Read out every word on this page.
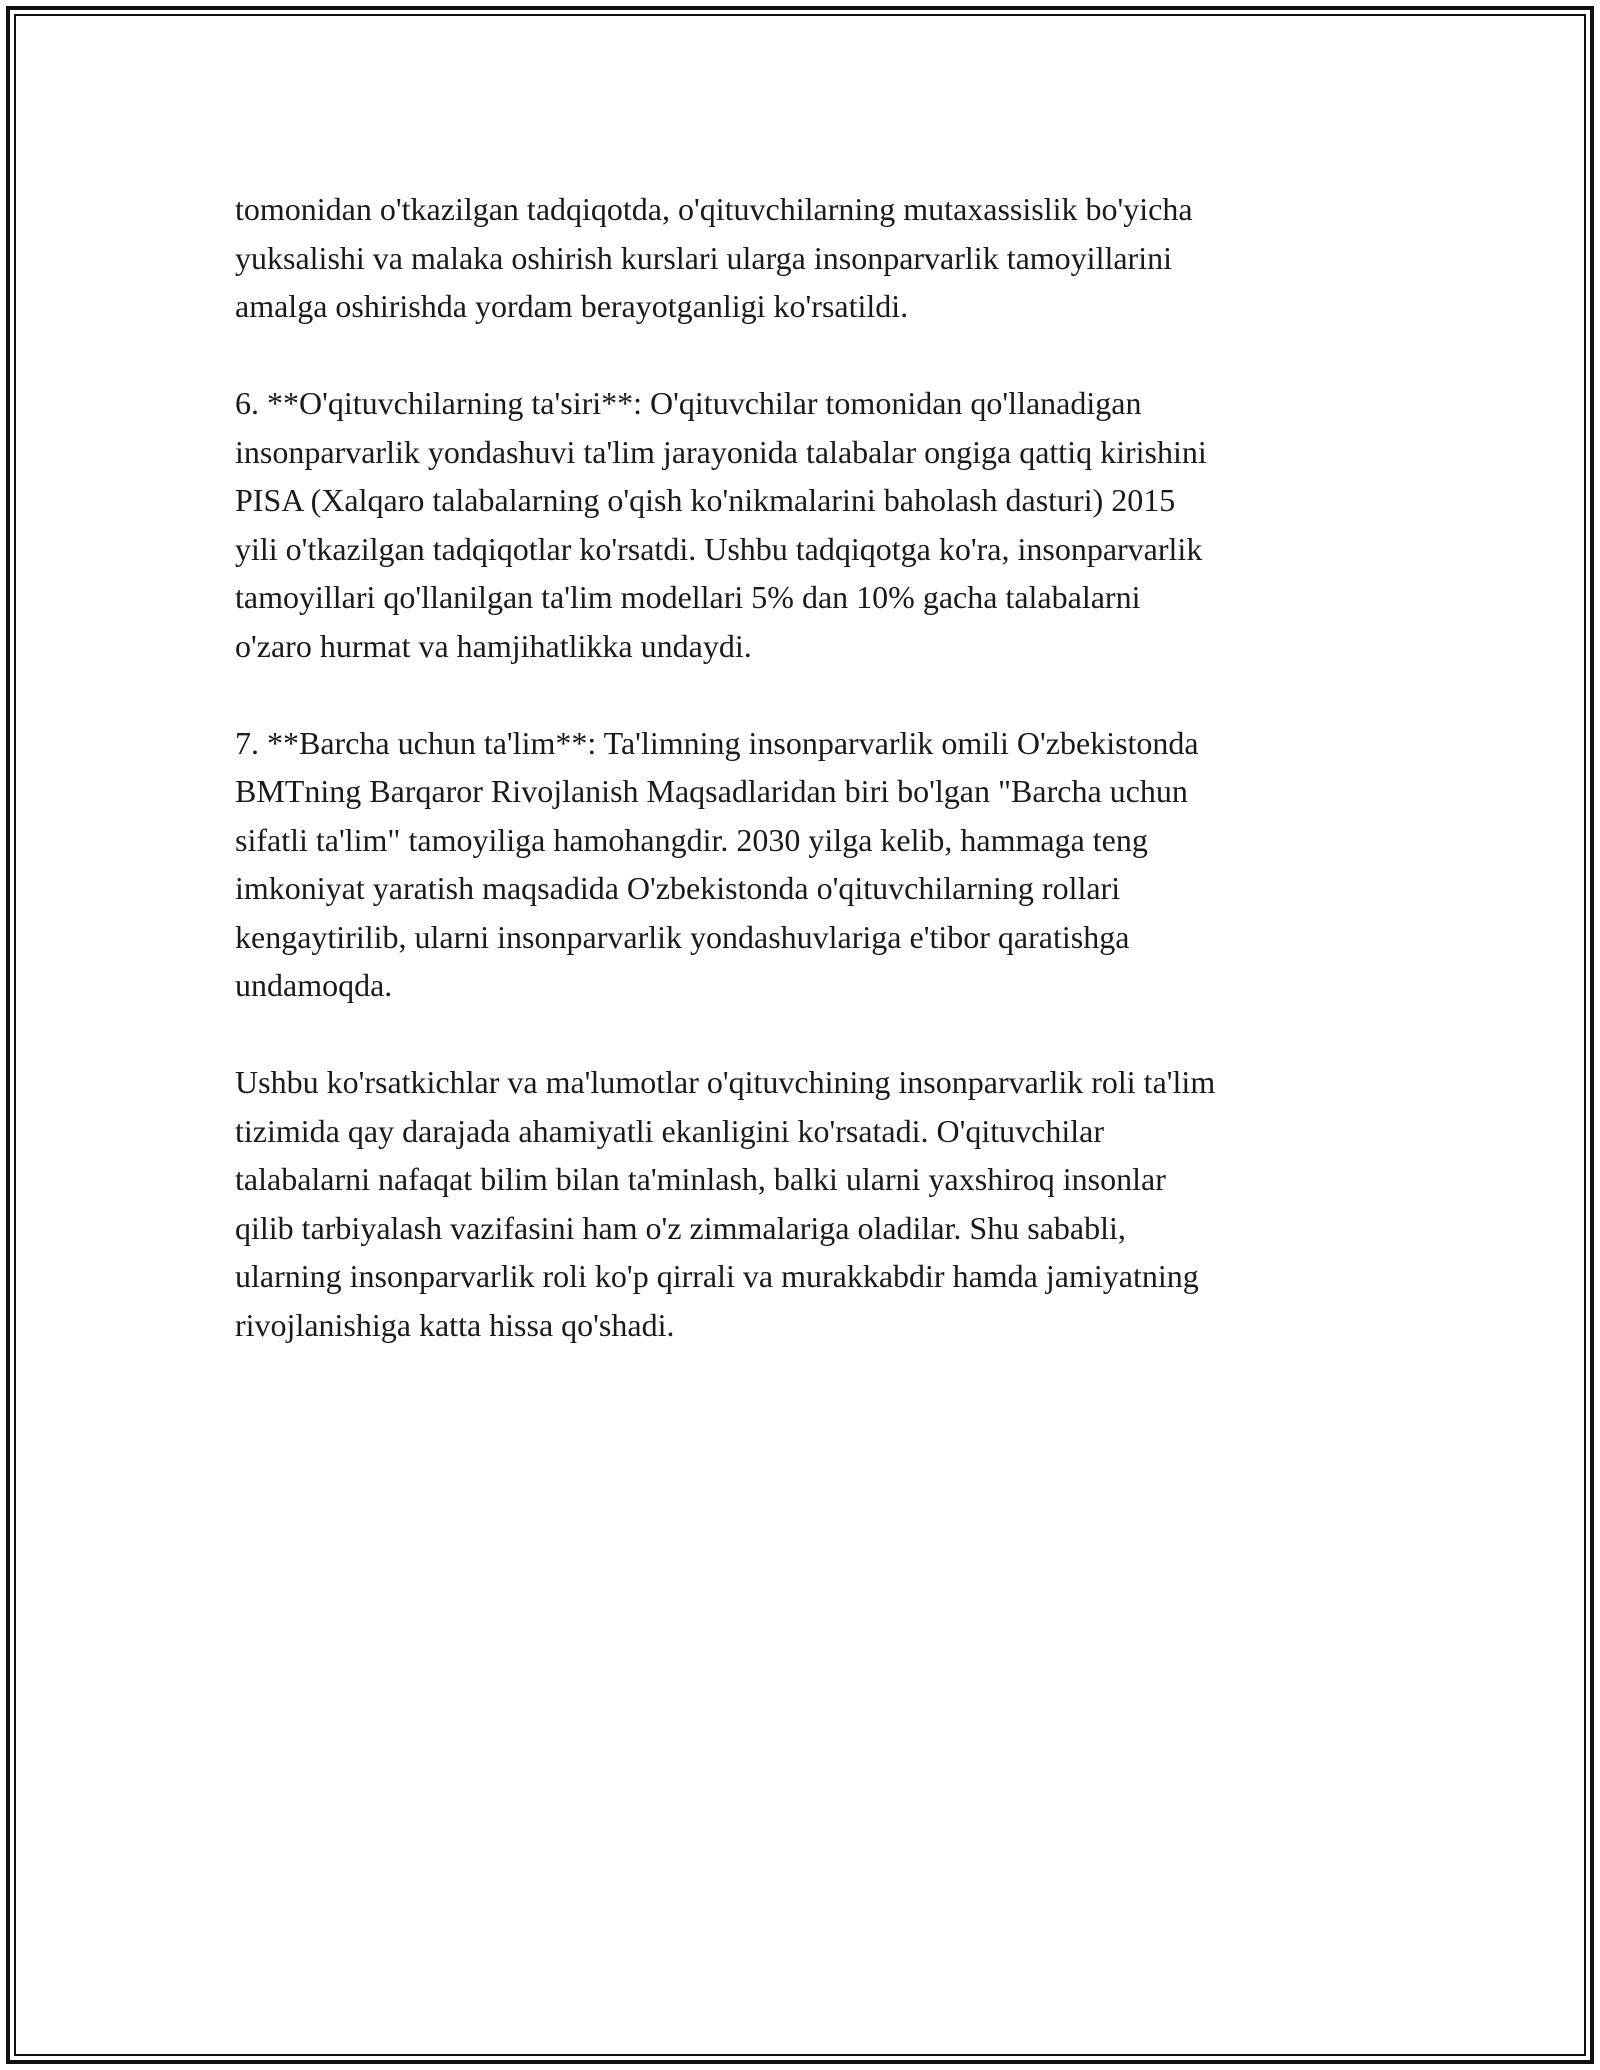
tomonidan o'tkazilgan tadqiqotda, o'qituvchilarning mutaxassislik bo'yicha
yuksalishi va malaka oshirish kurslari ularga insonparvarlik tamoyillarini
amalga oshirishda yordam berayotganligi ko'rsatildi.

6. **O'qituvchilarning ta'siri**: O'qituvchilar tomonidan qo'llanadigan
insonparvarlik yondashuvi ta'lim jarayonida talabalar ongiga qattiq kirishini
PISA (Xalqaro talabalarning o'qish ko'nikmalarini baholash dasturi) 2015
yili o'tkazilgan tadqiqotlar ko'rsatdi. Ushbu tadqiqotga ko'ra, insonparvarlik
tamoyillari qo'llanilgan ta'lim modellari 5% dan 10% gacha talabalarni
o'zaro hurmat va hamjihatlikka undaydi.

7. **Barcha uchun ta'lim**: Ta'limning insonparvarlik omili O'zbekistonda
BMTning Barqaror Rivojlanish Maqsadlaridan biri bo'lgan "Barcha uchun
sifatli ta'lim" tamoyiliga hamohangdir. 2030 yilga kelib, hammaga teng
imkoniyat yaratish maqsadida O'zbekistonda o'qituvchilarning rollari
kengaytirilib, ularni insonparvarlik yondashuvlariga e'tibor qaratishga
undamoqda.

Ushbu ko'rsatkichlar va ma'lumotlar o'qituvchining insonparvarlik roli ta'lim
tizimida qay darajada ahamiyatli ekanligini ko'rsatadi. O'qituvchilar
talabalarni nafaqat bilim bilan ta'minlash, balki ularni yaxshiroq insonlar
qilib tarbiyalash vazifasini ham o'z zimmalariga oladilar. Shu sababli,
ularning insonparvarlik roli ko'p qirrali va murakkabdir hamda jamiyatning
rivojlanishiga katta hissa qo'shadi.
